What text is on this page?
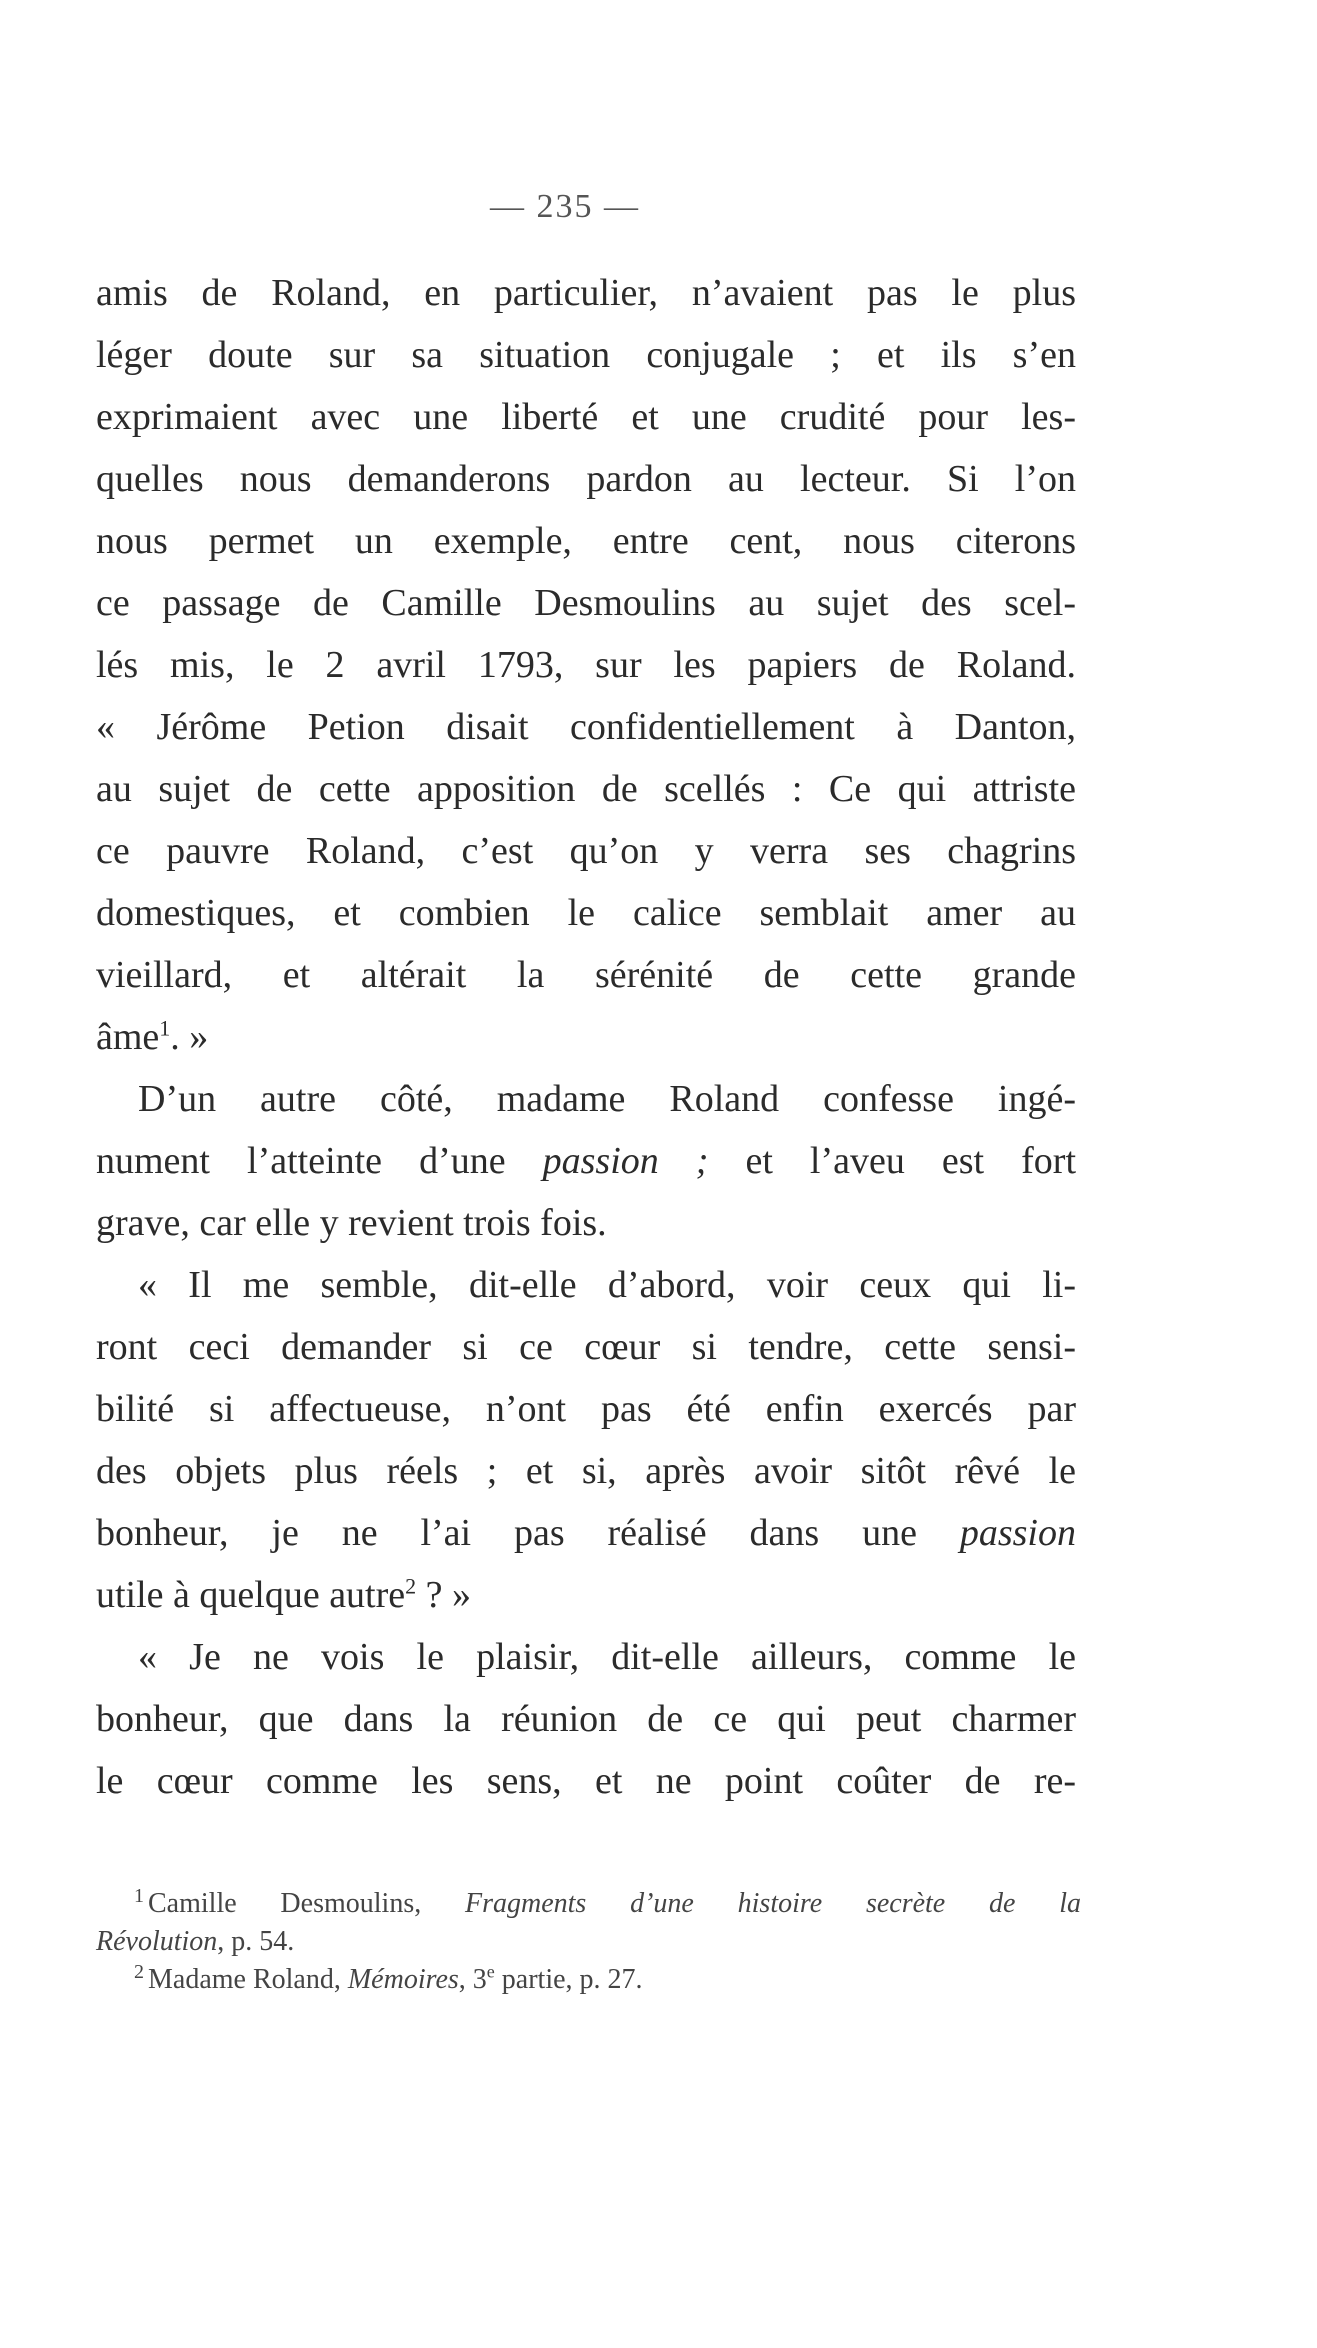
— 235 —
amis de Roland, en particulier, n’avaient pas le plus
léger doute sur sa situation conjugale ; et ils s’en
exprimaient avec une liberté et une crudité pour les-
quelles nous demanderons pardon au lecteur. Si l’on
nous permet un exemple, entre cent, nous citerons
ce passage de Camille Desmoulins au sujet des scel-
lés mis, le 2 avril 1793, sur les papiers de Roland.
« Jérôme Petion disait confidentiellement à Danton,
au sujet de cette apposition de scellés : Ce qui attriste
ce pauvre Roland, c’est qu’on y verra ses chagrins
domestiques, et combien le calice semblait amer au
vieillard, et altérait la sérénité de cette grande
âme$^1$. »
D’un autre côté, madame Roland confesse ingé-
nument l’atteinte d’une passion ; et l’aveu est fort
grave, car elle y revient trois fois.
« Il me semble, dit-elle d’abord, voir ceux qui li-
ront ceci demander si ce cœur si tendre, cette sensi-
bilité si affectueuse, n’ont pas été enfin exercés par
des objets plus réels ; et si, après avoir sitôt rêvé le
bonheur, je ne l’ai pas réalisé dans une passion
utile à quelque autre$^2$ ? »
« Je ne vois le plaisir, dit-elle ailleurs, comme le
bonheur, que dans la réunion de ce qui peut charmer
le cœur comme les sens, et ne point coûter de re-
$^1$ Camille Desmoulins, Fragments d’une histoire secrète de la
Révolution, p. 54.
$^2$ Madame Roland, Mémoires, 3e partie, p. 27.
